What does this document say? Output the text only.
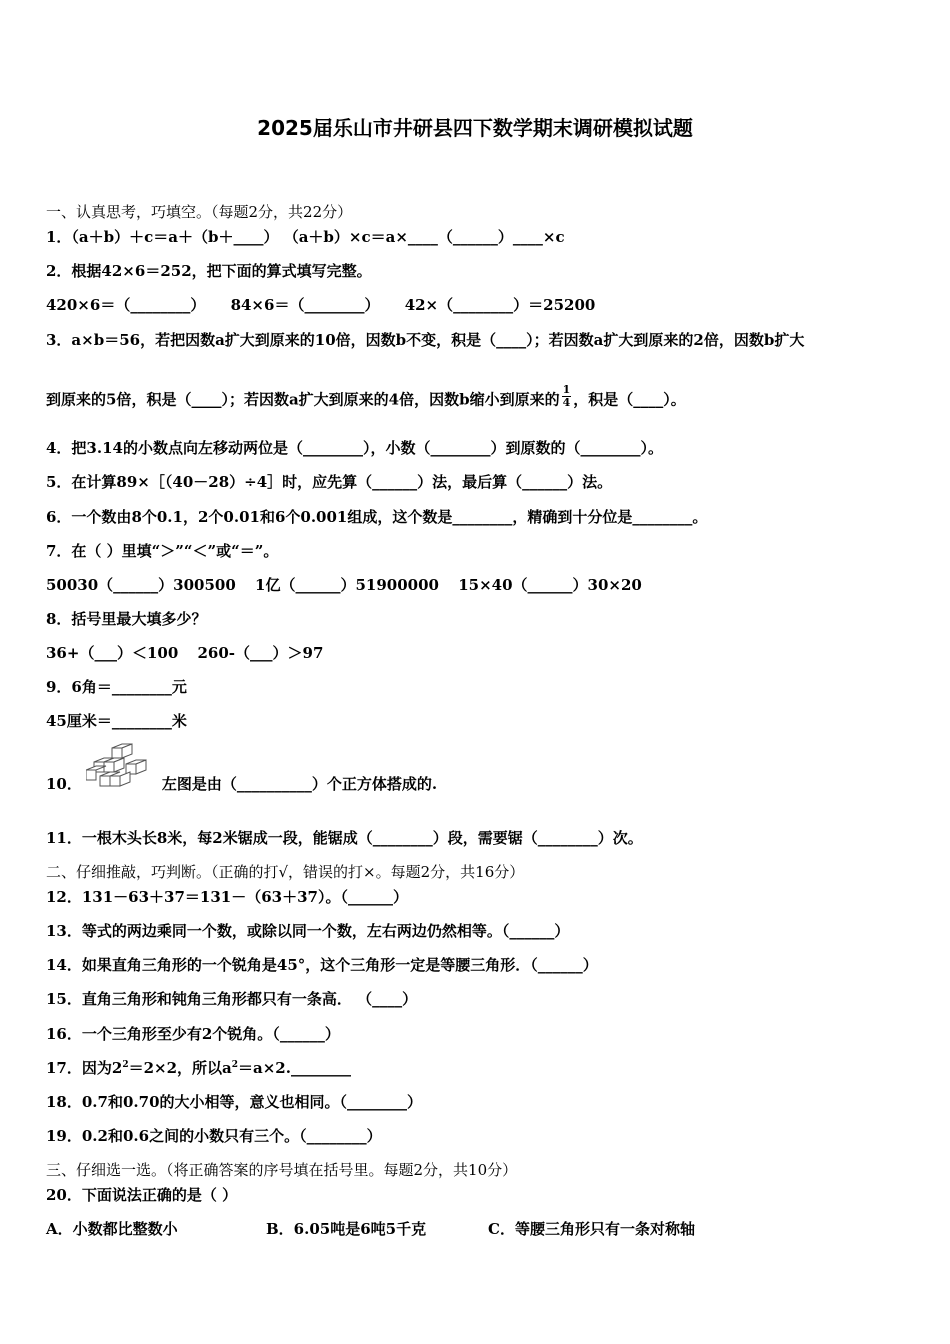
2025届乐山市井研县四下数学期末调研模拟试题
一、认真思考，巧填空。（每题2分，共22分）
1．（a＋b）＋c＝a＋（b＋____） （a＋b）×c＝a×____（______）____×c
2．根据42×6＝252，把下面的算式填写完整。
420×6＝（________） 84×6＝（________） 42×（________）＝25200
3．a×b＝56，若把因数a扩大到原来的10倍，因数b不变，积是（____）；若因数a扩大到原来的2倍，因数b扩大
到原来的5倍，积是（____）；若因数a扩大到原来的4倍，因数b缩小到原来的 $\frac{1}{4}$ ，积是（____）。
4．把3.14的小数点向左移动两位是（________），小数（________）到原数的（________）。
5．在计算89×［（40－28）÷4］时，应先算（______）法，最后算（______）法。
6．一个数由8个0.1，2个0.01和6个0.001组成，这个数是________，精确到十分位是________。
7．在（ ）里填“＞”“＜”或“＝”。
50030（______）300500 1亿（______）51900000 15×40（______）30×20
8．括号里最大填多少？
36+（___）＜100 260-（___）＞97
9．6角＝________元
45厘米＝________米
10．	左图是由（__________）个正方体搭成的.
11．一根木头长8米，每2米锯成一段，能锯成（________）段，需要锯（________）次。
二、仔细推敲，巧判断。（正确的打√，错误的打×。每题2分，共16分）
12．131－63＋37＝131－（63＋37）。（______）
13．等式的两边乘同一个数，或除以同一个数，左右两边仍然相等。（______）
14．如果直角三角形的一个锐角是45°，这个三角形一定是等腰三角形．（______）
15．直角三角形和钝角三角形都只有一条高． （____）
16．一个三角形至少有2个锐角。（______）
17．因为$2^2=2\times 2$，所以$a^2=a\times 2.\_\_\_\_\_\_\_\_$
18．0.7和0.70的大小相等，意义也相同。（________）
19．0.2和0.6之间的小数只有三个。（________）
三、仔细选一选。（将正确答案的序号填在括号里。每题2分，共10分）
20．下面说法正确的是（ ）
A．小数都比整数小	B．6.05吨是6吨5千克	C．等腰三角形只有一条对称轴
